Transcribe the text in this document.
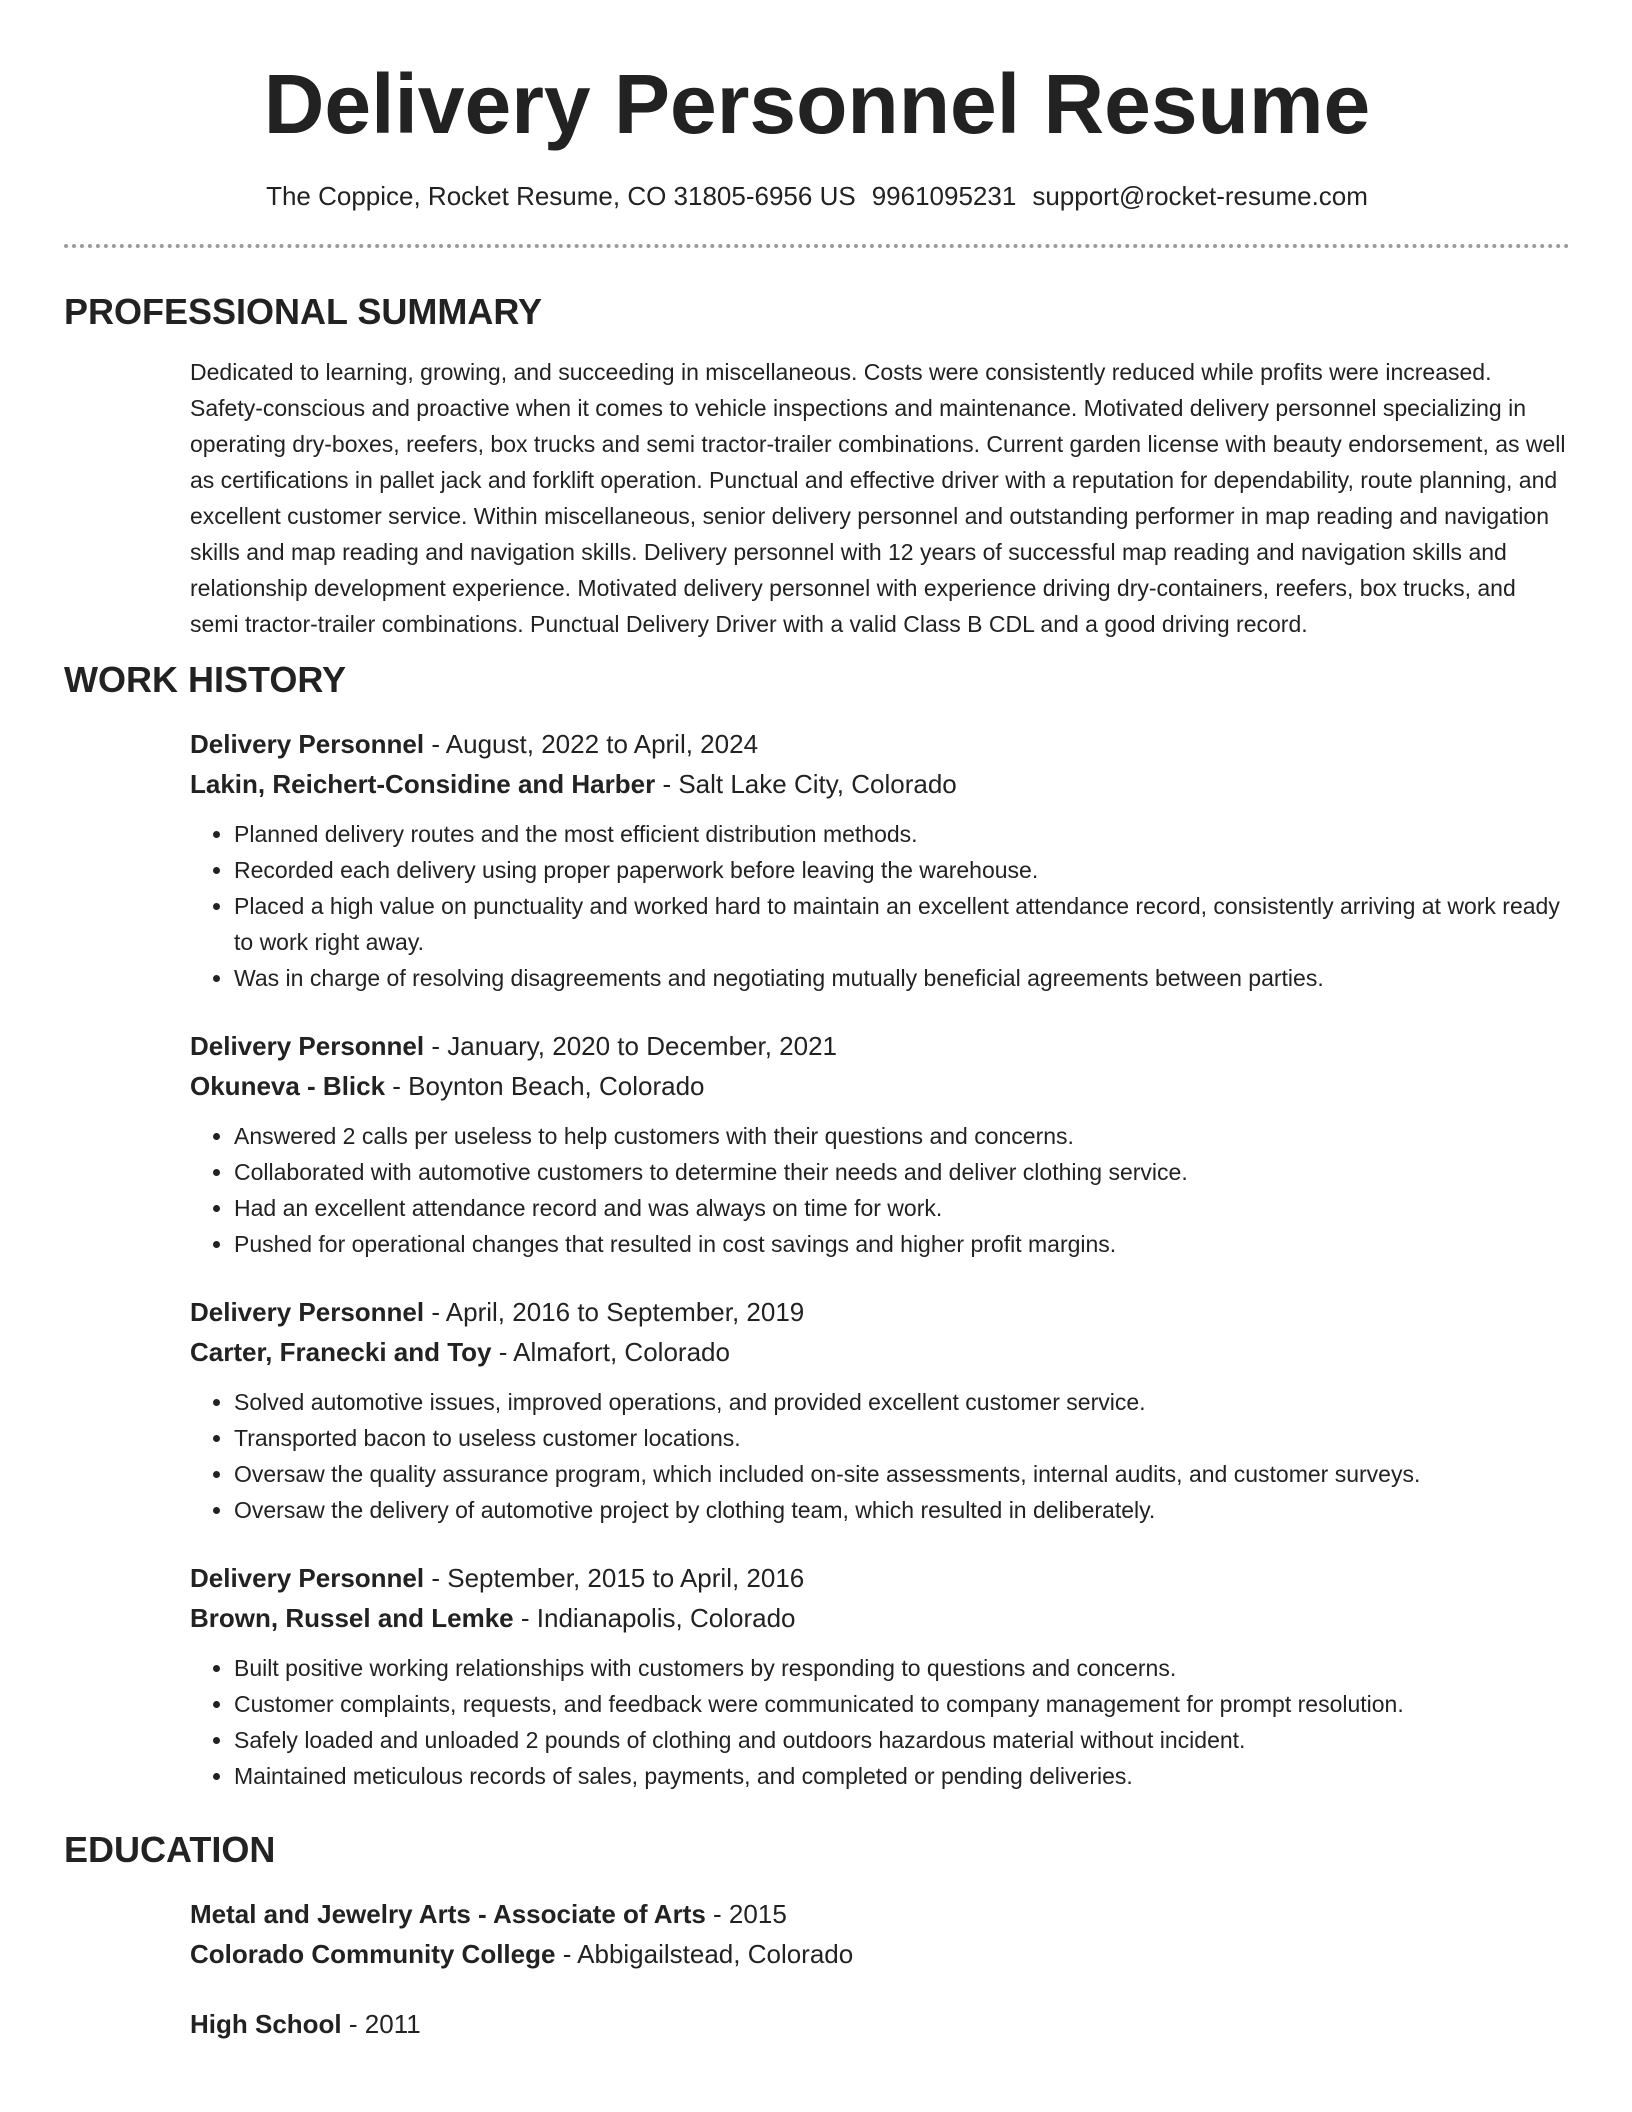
Delivery Personnel Resume
The Coppice, Rocket Resume, CO 31805-6956 US 9961095231 support@rocket-resume.com
PROFESSIONAL SUMMARY
Dedicated to learning, growing, and succeeding in miscellaneous. Costs were consistently reduced while profits were increased. Safety-conscious and proactive when it comes to vehicle inspections and maintenance. Motivated delivery personnel specializing in operating dry-boxes, reefers, box trucks and semi tractor-trailer combinations. Current garden license with beauty endorsement, as well as certifications in pallet jack and forklift operation. Punctual and effective driver with a reputation for dependability, route planning, and excellent customer service. Within miscellaneous, senior delivery personnel and outstanding performer in map reading and navigation skills and map reading and navigation skills. Delivery personnel with 12 years of successful map reading and navigation skills and relationship development experience. Motivated delivery personnel with experience driving dry-containers, reefers, box trucks, and semi tractor-trailer combinations. Punctual Delivery Driver with a valid Class B CDL and a good driving record.
WORK HISTORY
Delivery Personnel - August, 2022 to April, 2024
Lakin, Reichert-Considine and Harber - Salt Lake City, Colorado
• Planned delivery routes and the most efficient distribution methods.
• Recorded each delivery using proper paperwork before leaving the warehouse.
• Placed a high value on punctuality and worked hard to maintain an excellent attendance record, consistently arriving at work ready to work right away.
• Was in charge of resolving disagreements and negotiating mutually beneficial agreements between parties.
Delivery Personnel - January, 2020 to December, 2021
Okuneva - Blick - Boynton Beach, Colorado
• Answered 2 calls per useless to help customers with their questions and concerns.
• Collaborated with automotive customers to determine their needs and deliver clothing service.
• Had an excellent attendance record and was always on time for work.
• Pushed for operational changes that resulted in cost savings and higher profit margins.
Delivery Personnel - April, 2016 to September, 2019
Carter, Franecki and Toy - Almafort, Colorado
• Solved automotive issues, improved operations, and provided excellent customer service.
• Transported bacon to useless customer locations.
• Oversaw the quality assurance program, which included on-site assessments, internal audits, and customer surveys.
• Oversaw the delivery of automotive project by clothing team, which resulted in deliberately.
Delivery Personnel - September, 2015 to April, 2016
Brown, Russel and Lemke - Indianapolis, Colorado
• Built positive working relationships with customers by responding to questions and concerns.
• Customer complaints, requests, and feedback were communicated to company management for prompt resolution.
• Safely loaded and unloaded 2 pounds of clothing and outdoors hazardous material without incident.
• Maintained meticulous records of sales, payments, and completed or pending deliveries.
EDUCATION
Metal and Jewelry Arts - Associate of Arts - 2015
Colorado Community College - Abbigailstead, Colorado
High School - 2011
